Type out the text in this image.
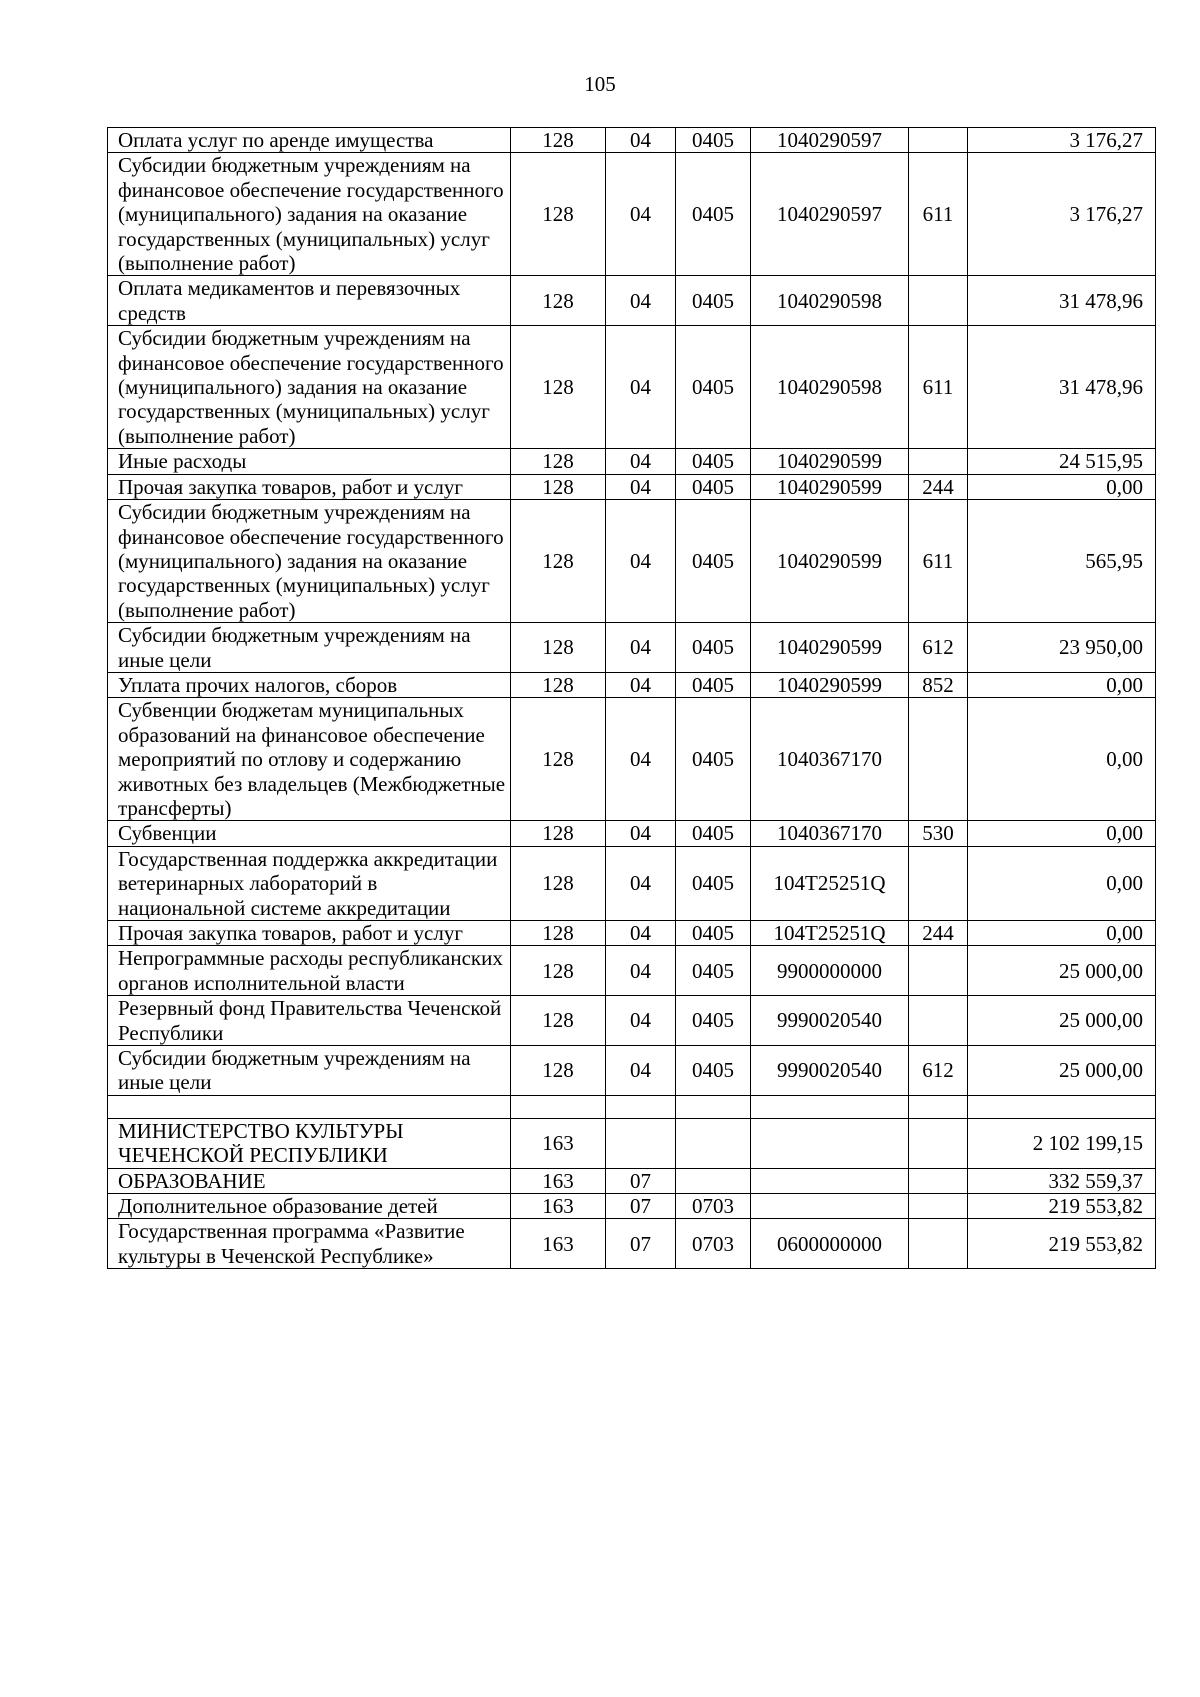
105
Оплата услуг по аренде имущества	128	04	0405	1040290597		3 176,27
Субсидии бюджетным учреждениям на финансовое обеспечение государственного (муниципального) задания на оказание государственных (муниципальных) услуг (выполнение работ)	128	04	0405	1040290597	611	3 176,27
Оплата медикаментов и перевязочных средств	128	04	0405	1040290598		31 478,96
Субсидии бюджетным учреждениям на финансовое обеспечение государственного (муниципального) задания на оказание государственных (муниципальных) услуг (выполнение работ)	128	04	0405	1040290598	611	31 478,96
Иные расходы	128	04	0405	1040290599		24 515,95
Прочая закупка товаров, работ и услуг	128	04	0405	1040290599	244	0,00
Субсидии бюджетным учреждениям на финансовое обеспечение государственного (муниципального) задания на оказание государственных (муниципальных) услуг (выполнение работ)	128	04	0405	1040290599	611	565,95
Субсидии бюджетным учреждениям на иные цели	128	04	0405	1040290599	612	23 950,00
Уплата прочих налогов, сборов	128	04	0405	1040290599	852	0,00
Субвенции бюджетам муниципальных образований на финансовое обеспечение мероприятий по отлову и содержанию животных без владельцев (Межбюджетные трансферты)	128	04	0405	1040367170		0,00
Субвенции	128	04	0405	1040367170	530	0,00
Государственная поддержка аккредитации ветеринарных лабораторий в национальной системе аккредитации	128	04	0405	104T25251Q		0,00
Прочая закупка товаров, работ и услуг	128	04	0405	104T25251Q	244	0,00
Непрограммные расходы республиканских органов исполнительной власти	128	04	0405	9900000000		25 000,00
Резервный фонд Правительства Чеченской Республики	128	04	0405	9990020540		25 000,00
Субсидии бюджетным учреждениям на иные цели	128	04	0405	9990020540	612	25 000,00

МИНИСТЕРСТВО КУЛЬТУРЫ ЧЕЧЕНСКОЙ РЕСПУБЛИКИ	163					2 102 199,15
ОБРАЗОВАНИЕ	163	07				332 559,37
Дополнительное образование детей	163	07	0703			219 553,82
Государственная программа «Развитие культуры в Чеченской Республике»	163	07	0703	0600000000		219 553,82
